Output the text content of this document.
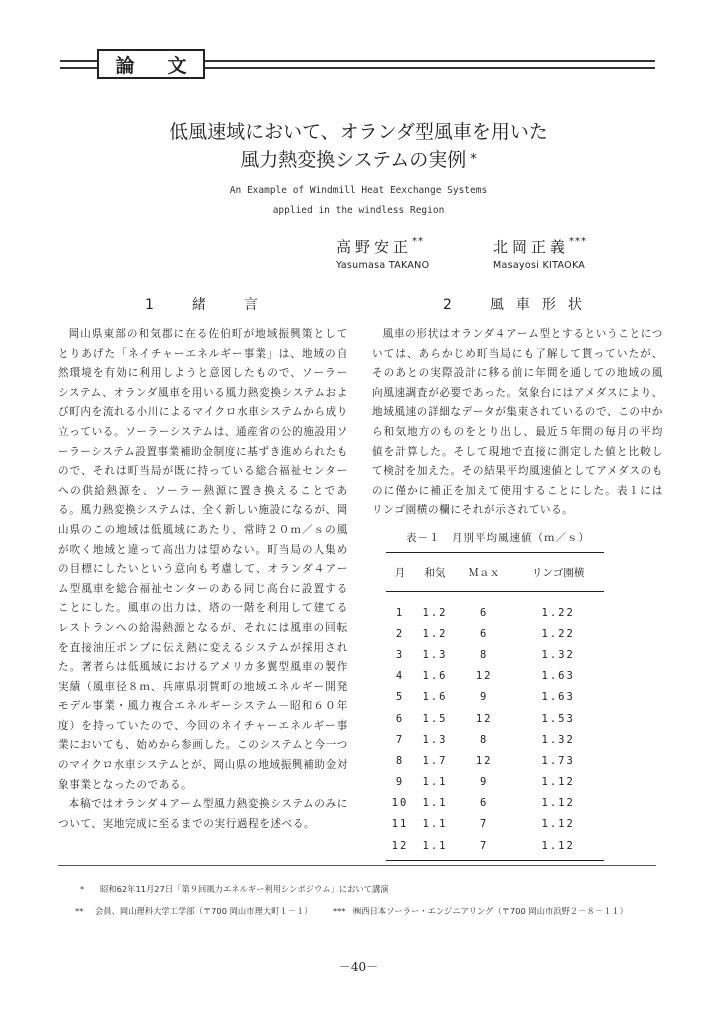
論 文
低風速域において、オランダ型風車を用いた
風力熱変換システムの実例 *
An Example of Windmill Heat Eexchange Systems
applied in the windless Region
高野安正**
Yasumasa TAKANO
北岡正義***
Masayosi KITAOKA
1　緒　言	2　風車形状

岡山県東部の和気郡に在る佐伯町が地域振興策としてとりあげた「ネイチャーエネルギー事業」は、地域の自然環境を有効に利用しようと意図したもので、ソーラーシステム、オランダ風車を用いる風力熱変換システムおよび町内を流れる小川によるマイクロ水車システムから成り立っている。ソーラーシステムは、通産省の公的施設用ソーラーシステム設置事業補助金制度に基ずき進められたもので、それは町当局が既に持っている総合福祉センターへの供給熱源を、ソーラー熱源に置き換えることである。風力熱変換システムは、全く新しい施設になるが、岡山県のこの地域は低風域にあたり、常時２０ｍ／ｓの風が吹く地域と違って高出力は望めない。町当局の人集めの目標にしたいという意向も考慮して、オランダ４アーム型風車を総合福祉センターのある同じ高台に設置することにした。風車の出力は、塔の一階を利用して建てるレストランへの給湯熱源となるが、それには風車の回転を直接油圧ポンプに伝え熱に変えるシステムが採用された。著者らは低風域におけるアメリカ多翼型風車の製作実績（風車径８ｍ、兵庫県羽賀町の地域エネルギー開発モデル事業・風力複合エネルギーシステム－昭和６０年度）を持っていたので、今回のネイチャーエネルギー事業においても、始めから参画した。このシステムと今一つのマイクロ水車システムとが、岡山県の地域振興補助金対象事業となったのである。

本稿ではオランダ４アーム型風力熱変換システムのみについて、実地完成に至るまでの実行過程を述べる。

風車の形状はオランダ４アーム型とするということについては、あらかじめ町当局にも了解して貰っていたが、そのあとの実際設計に移る前に年間を通しての地域の風向風速調査が必要であった。気象台にはアメダスにより、地域風速の詳細なデータが集束されているので、この中から和気地方のものをとり出し、最近５年間の毎月の平均値を計算した。そして現地で直接に測定した値と比較して検討を加えた。その結果平均風速値としてアメダスのものに僅かに補正を加えて使用することにした。表１にはリンゴ園横の欄にそれが示されている。

表－１　月別平均風速値（ｍ／ｓ）
月	和気	Ｍａｘ	リンゴ園横
1	1.2	6	1.22
2	1.2	6	1.22
3	1.3	8	1.32
4	1.6	12	1.63
5	1.6	9	1.63
6	1.5	12	1.53
7	1.3	8	1.32
8	1.7	12	1.73
9	1.1	9	1.12
10	1.1	6	1.12
11	1.1	7	1.12
12	1.1	7	1.12
* 昭和62年11月27日「第９回風力エネルギー利用シンポジウム」において講演
** 会員、岡山理科大学工学部（〒700 岡山市理大町１－１） *** ㈱西日本ソーラー・エンジニアリング（〒700 岡山市浜野２－８－１１）
－40－
